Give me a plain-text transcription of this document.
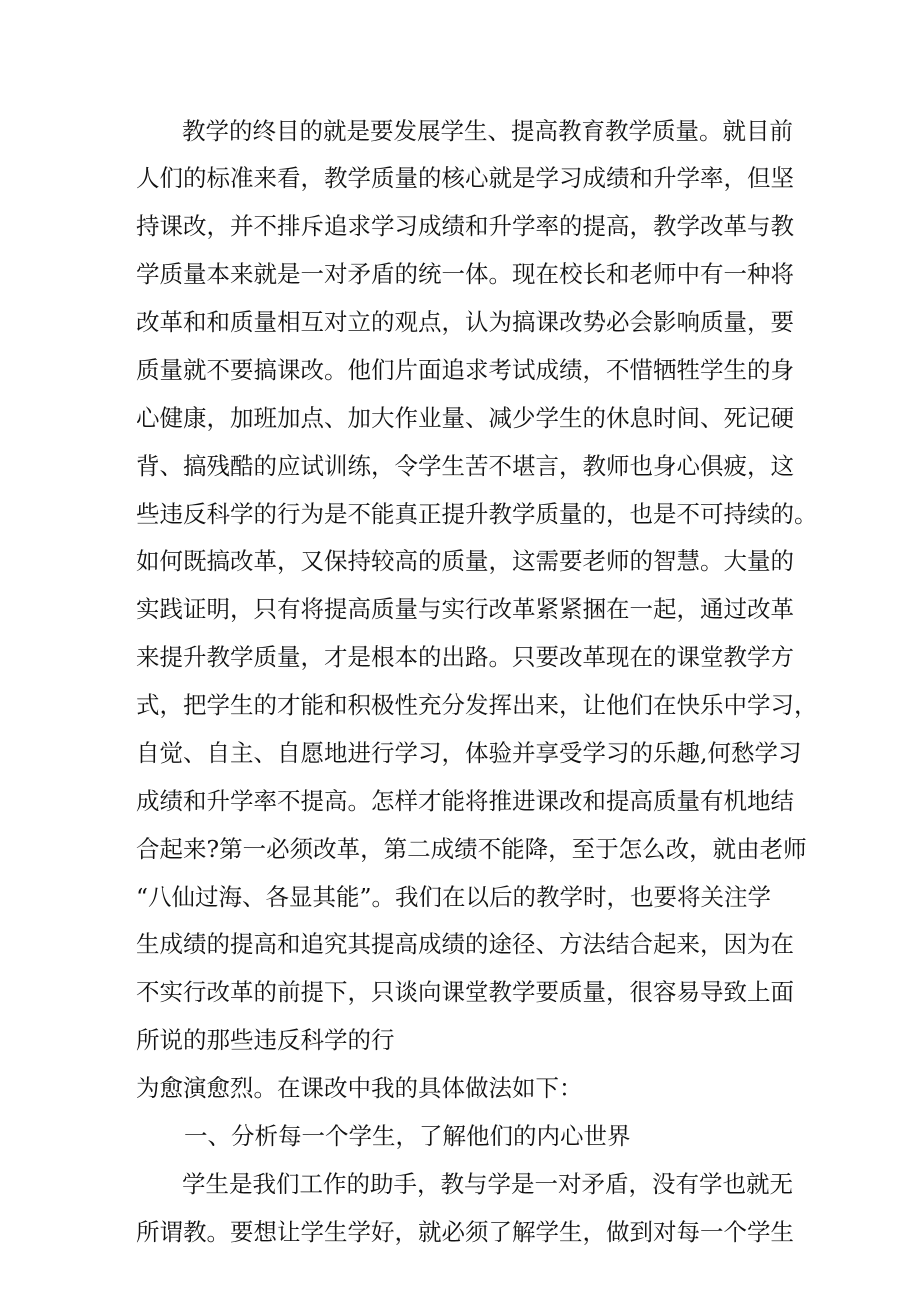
教学的终目的就是要发展学生、提高教育教学质量。就目前

人们的标准来看，教学质量的核心就是学习成绩和升学率，但坚

持课改，并不排斥追求学习成绩和升学率的提高，教学改革与教

学质量本来就是一对矛盾的统一体。现在校长和老师中有一种将

改革和和质量相互对立的观点，认为搞课改势必会影响质量，要

质量就不要搞课改。他们片面追求考试成绩，不惜牺牲学生的身

心健康，加班加点、加大作业量、减少学生的休息时间、死记硬

背、搞残酷的应试训练，令学生苦不堪言，教师也身心俱疲，这

些违反科学的行为是不能真正提升教学质量的，也是不可持续的。

如何既搞改革，又保持较高的质量，这需要老师的智慧。大量的

实践证明，只有将提高质量与实行改革紧紧捆在一起，通过改革

来提升教学质量，才是根本的出路。只要改革现在的课堂教学方

式，把学生的才能和积极性充分发挥出来，让他们在快乐中学习，

自觉、自主、自愿地进行学习，体验并享受学习的乐趣,何愁学习

成绩和升学率不提高。怎样才能将推进课改和提高质量有机地结

合起来?第一必须改革，第二成绩不能降，至于怎么改，就由老师

“八仙过海、各显其能”。我们在以后的教学时，也要将关注学

生成绩的提高和追究其提高成绩的途径、方法结合起来，因为在

不实行改革的前提下，只谈向课堂教学要质量，很容易导致上面

所说的那些违反科学的行

为愈演愈烈。在课改中我的具体做法如下：

一、分析每一个学生，了解他们的内心世界

学生是我们工作的助手，教与学是一对矛盾，没有学也就无

所谓教。要想让学生学好，就必须了解学生，做到对每一个学生
